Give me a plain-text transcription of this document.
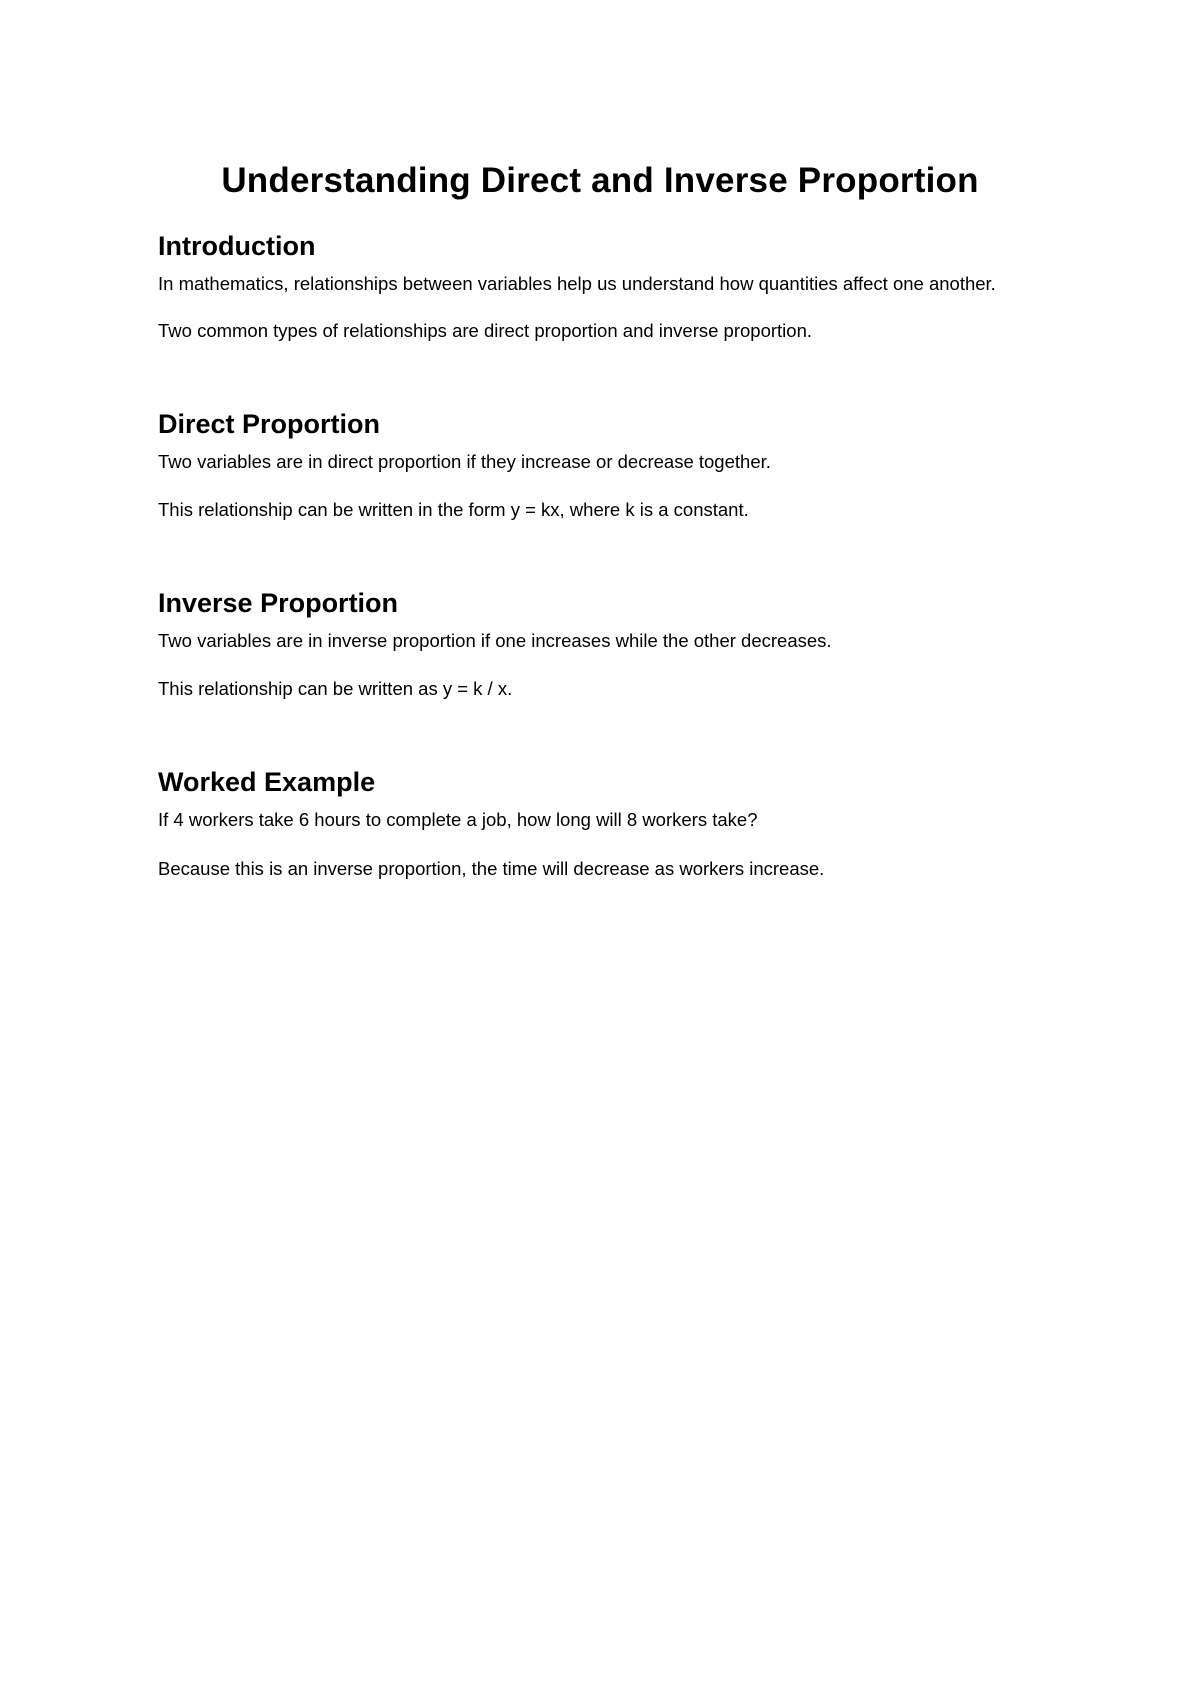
Understanding Direct and Inverse Proportion
Introduction

In mathematics, relationships between variables help us understand how quantities affect one another.

Two common types of relationships are direct proportion and inverse proportion.

Direct Proportion

Two variables are in direct proportion if they increase or decrease together.

This relationship can be written in the form y = kx, where k is a constant.

Inverse Proportion

Two variables are in inverse proportion if one increases while the other decreases.

This relationship can be written as y = k / x.

Worked Example

If 4 workers take 6 hours to complete a job, how long will 8 workers take?

Because this is an inverse proportion, the time will decrease as workers increase.
